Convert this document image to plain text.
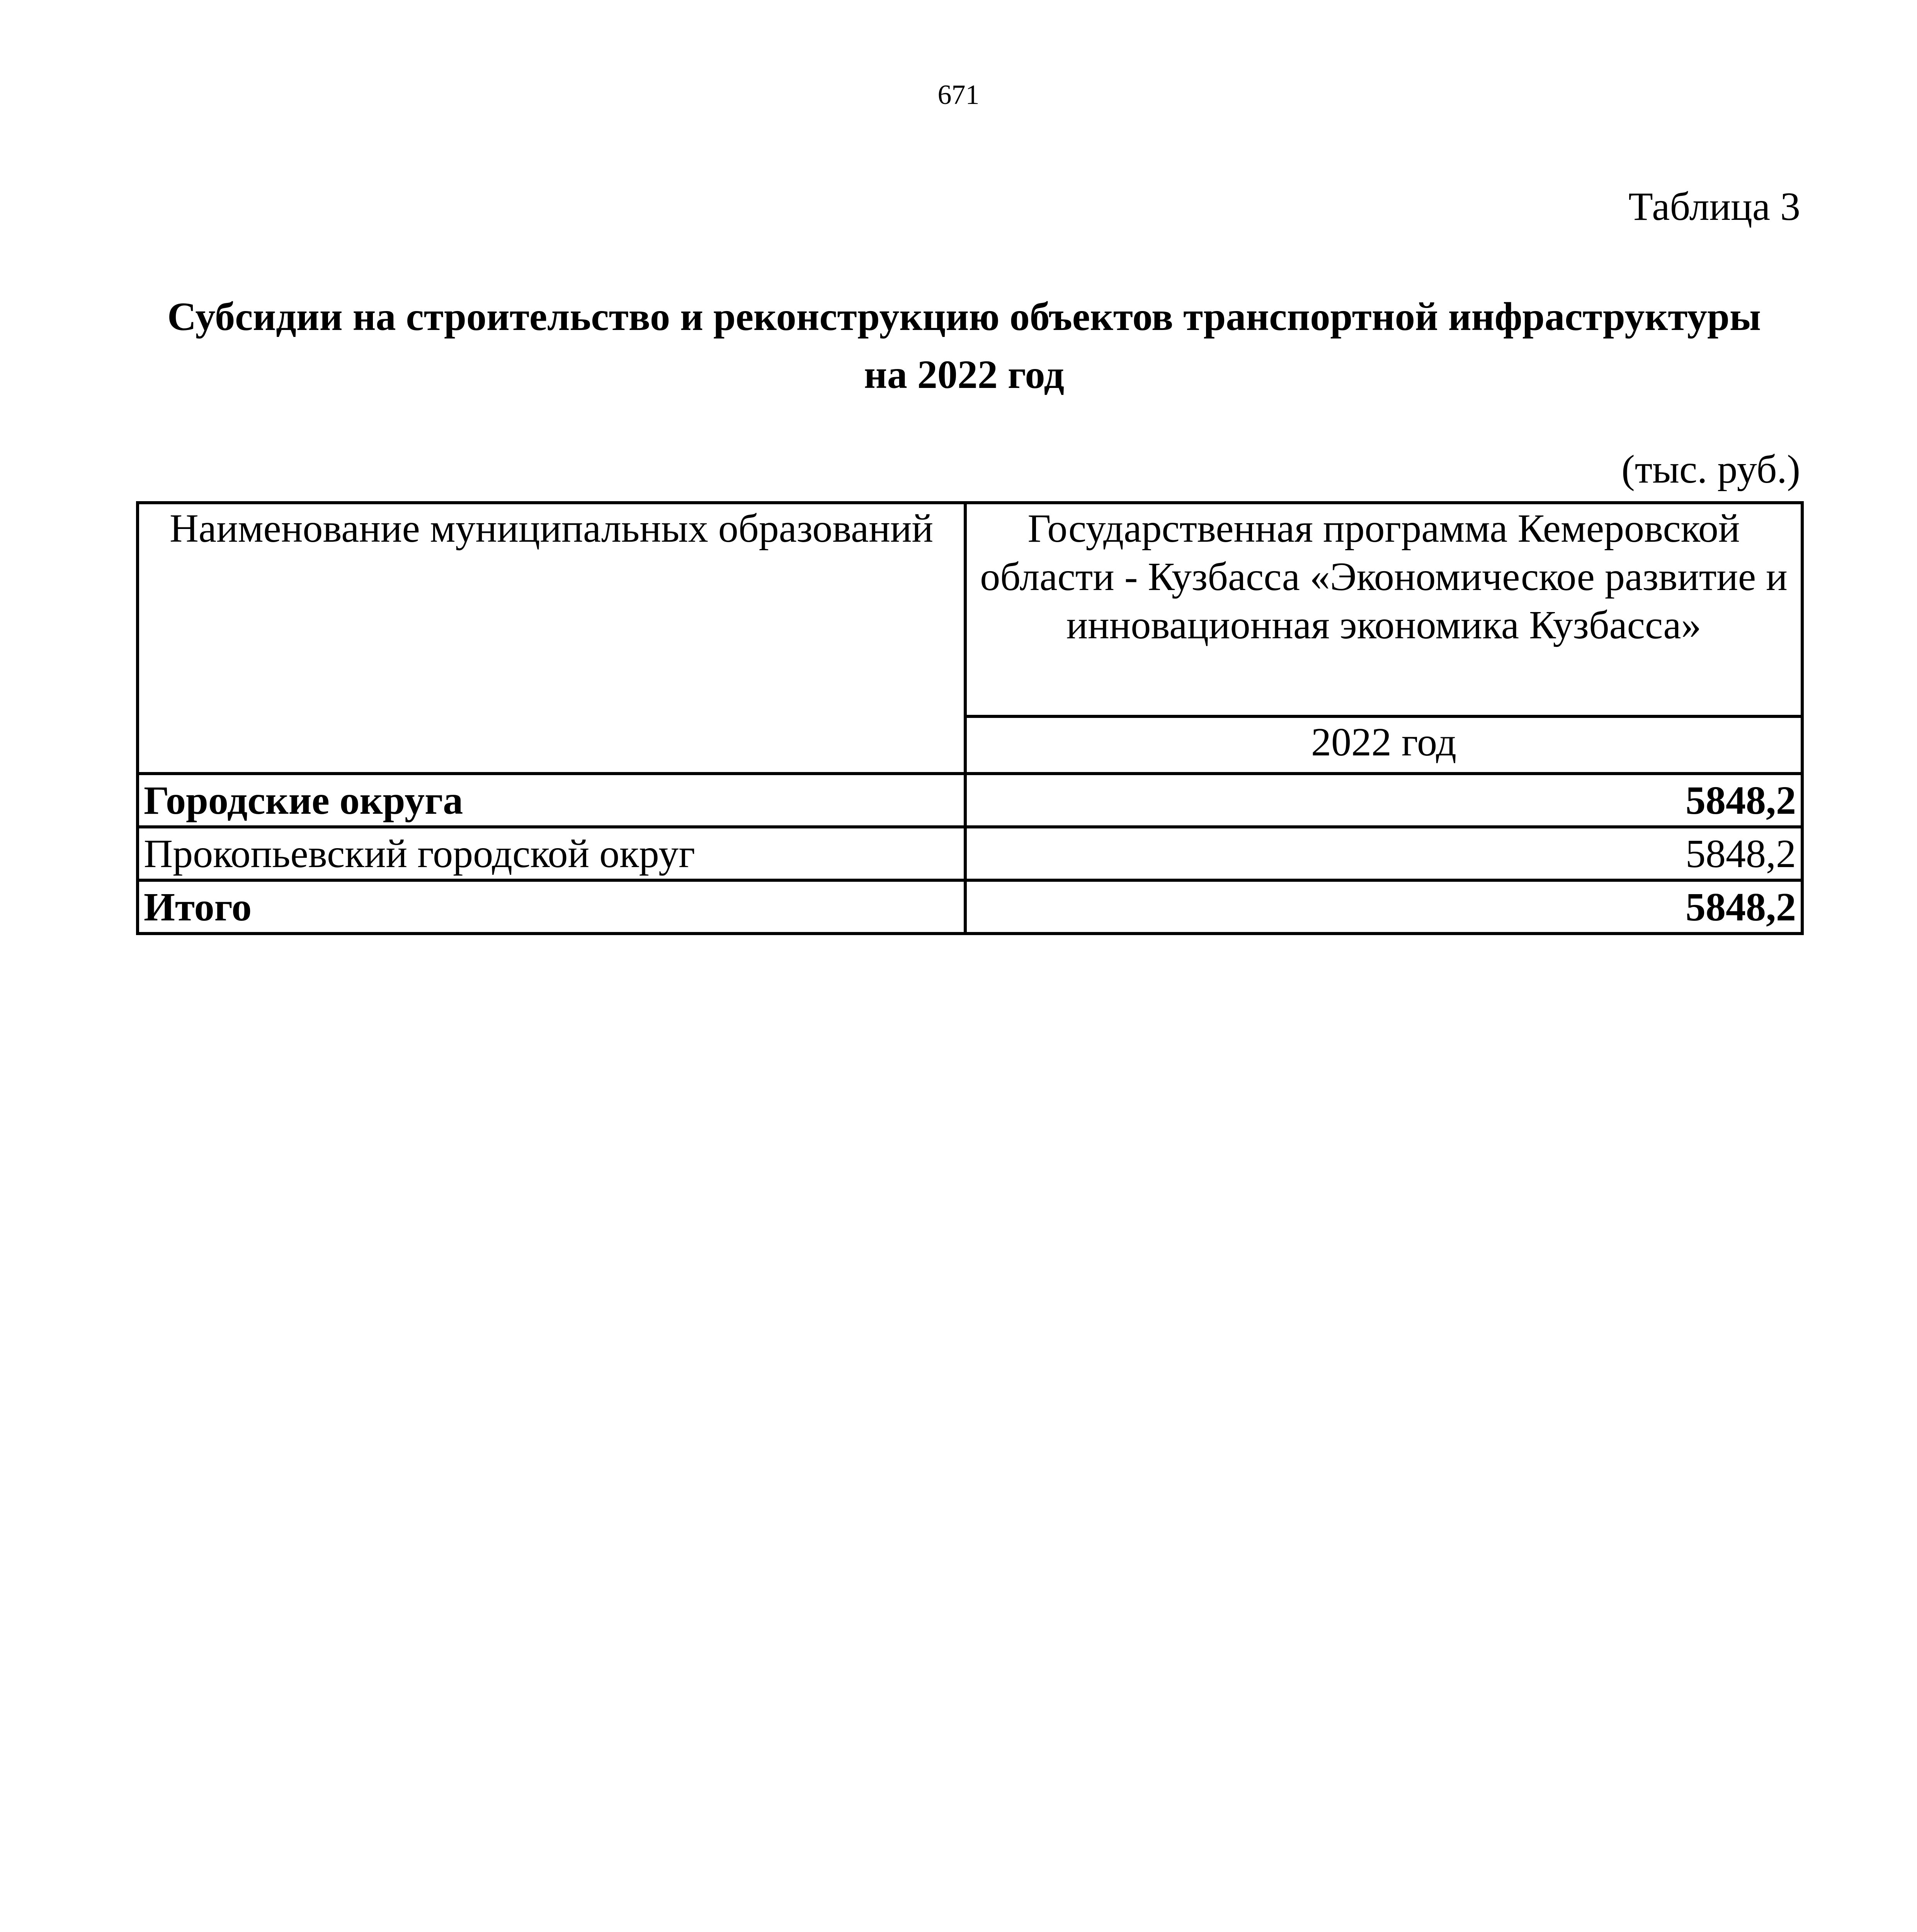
671
Таблица 3
Субсидии на строительство и реконструкцию объектов транспортной инфраструктуры
на 2022 год
(тыс. руб.)
Наименование муниципальных образований	Государственная программа Кемеровской
области - Кузбасса «Экономическое развитие и
инновационная экономика Кузбасса»

	2022 год
Городские округа	5848,2
Прокопьевский городской округ	5848,2
Итого	5848,2
